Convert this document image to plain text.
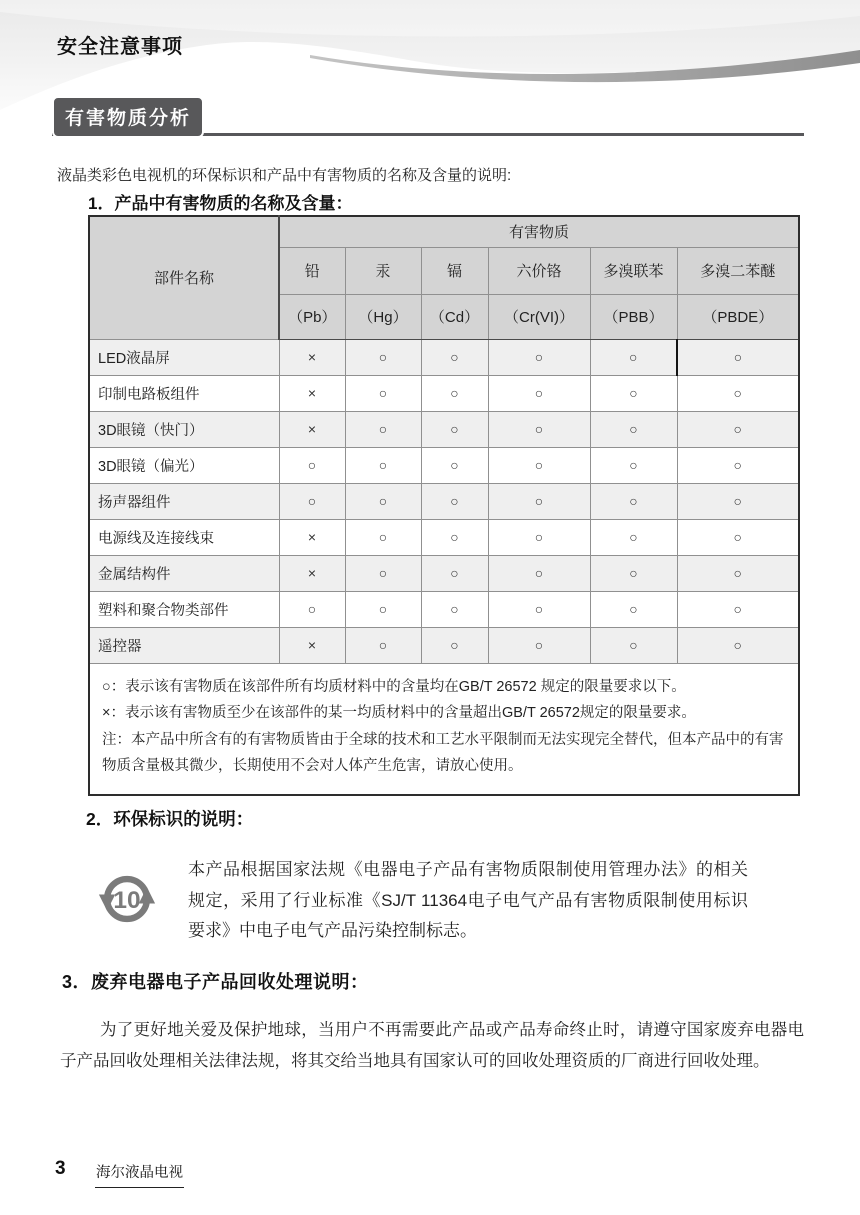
安全注意事项
有害物质分析

液晶类彩色电视机的环保标识和产品中有害物质的名称及含量的说明:

1．产品中有害物质的名称及含量：
部件名称	有害物质					
	铅	汞	镉	六价铬	多溴联苯	多溴二苯醚
	（Pb）	（Hg）	（Cd）	（Cr(VI)）	（PBB）	（PBDE）
LED液晶屏	×	○	○	○	○	○
印制电路板组件	×	○	○	○	○	○
3D眼镜（快门）	×	○	○	○	○	○
3D眼镜（偏光）	○	○	○	○	○	○
扬声器组件	○	○	○	○	○	○
电源线及连接线束	×	○	○	○	○	○
金属结构件	×	○	○	○	○	○
塑料和聚合物类部件	○	○	○	○	○	○
遥控器	×	○	○	○	○	○

○：表示该有害物质在该部件所有均质材料中的含量均在GB/T 26572 规定的限量要求以下。
×：表示该有害物质至少在该部件的某一均质材料中的含量超出GB/T 26572规定的限量要求。
注：本产品中所含有的有害物质皆由于全球的技术和工艺水平限制而无法实现完全替代，但本产品中的有害物质含量极其微少，长期使用不会对人体产生危害，请放心使用。						
2．环保标识的说明：
10
本产品根据国家法规《电器电子产品有害物质限制使用管理办法》的相关规定，采用了行业标准《SJ/T 11364电子电气产品有害物质限制使用标识要求》中电子电气产品污染控制标志。
3．废弃电器电子产品回收处理说明：

为了更好地关爱及保护地球，当用户不再需要此产品或产品寿命终止时，请遵守国家废弃电器电子产品回收处理相关法律法规，将其交给当地具有国家认可的回收处理资质的厂商进行回收处理。

3 海尔液晶电视
